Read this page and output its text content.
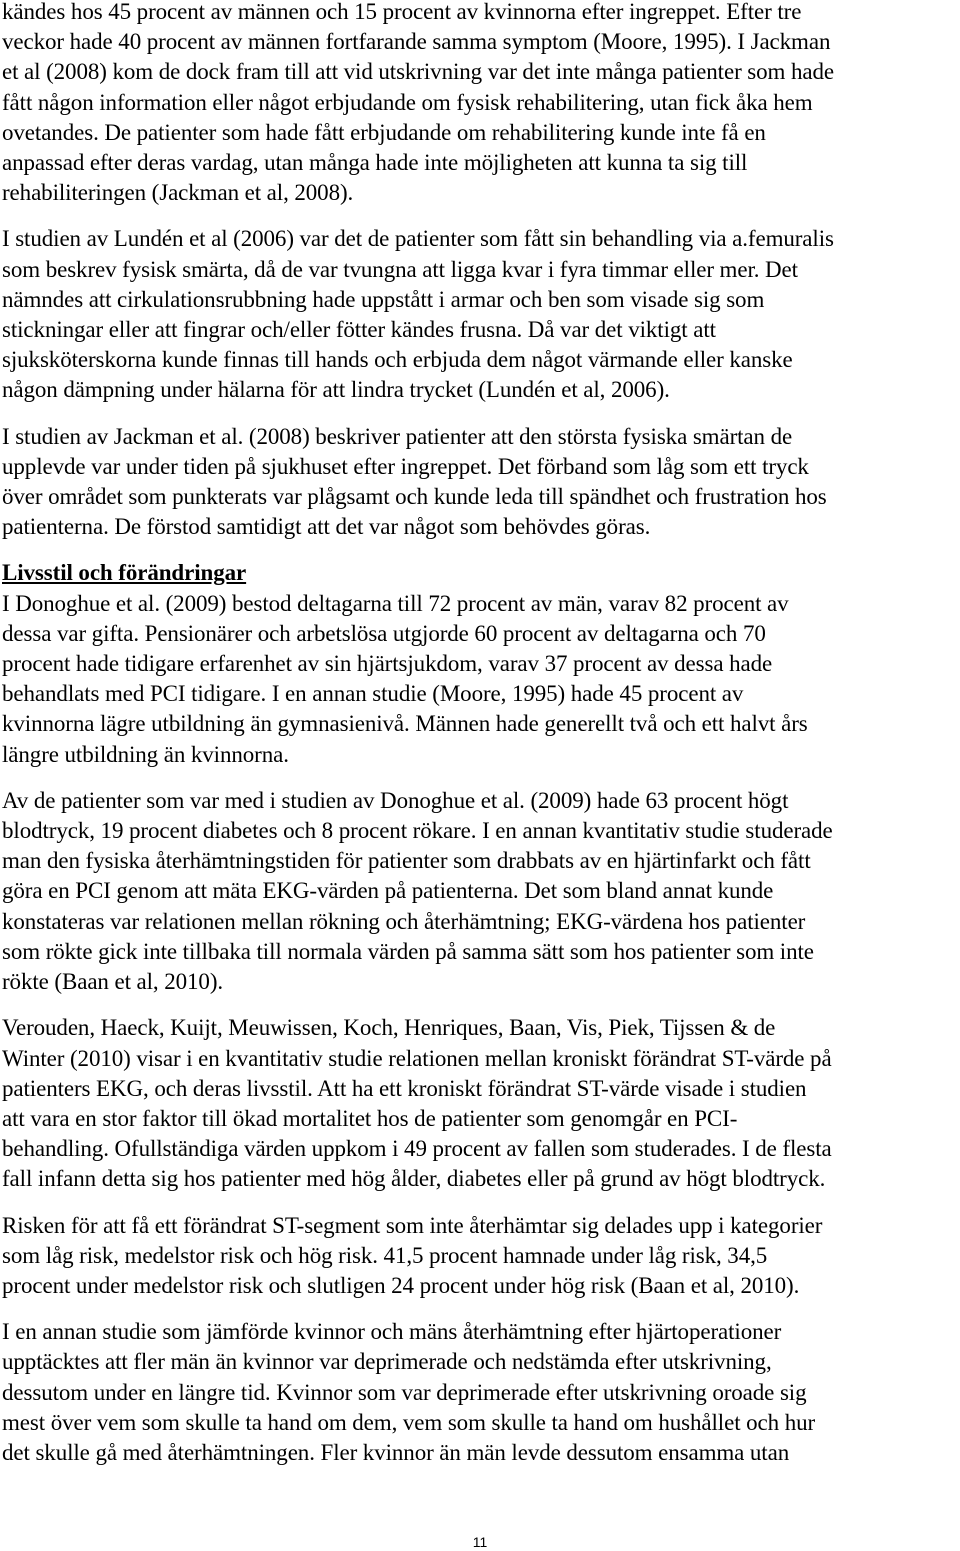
kändes hos 45 procent av männen och 15 procent av kvinnorna efter ingreppet. Efter tre
veckor hade 40 procent av männen fortfarande samma symptom (Moore, 1995). I Jackman
et al (2008) kom de dock fram till att vid utskrivning var det inte många patienter som hade
fått någon information eller något erbjudande om fysisk rehabilitering, utan fick åka hem
ovetandes. De patienter som hade fått erbjudande om rehabilitering kunde inte få en
anpassad efter deras vardag, utan många hade inte möjligheten att kunna ta sig till
rehabiliteringen (Jackman et al, 2008).

I studien av Lundén et al (2006) var det de patienter som fått sin behandling via a.femuralis
som beskrev fysisk smärta, då de var tvungna att ligga kvar i fyra timmar eller mer. Det
nämndes att cirkulationsrubbning hade uppstått i armar och ben som visade sig som
stickningar eller att fingrar och/eller fötter kändes frusna. Då var det viktigt att
sjuksköterskorna kunde finnas till hands och erbjuda dem något värmande eller kanske
någon dämpning under hälarna för att lindra trycket (Lundén et al, 2006).

I studien av Jackman et al. (2008) beskriver patienter att den största fysiska smärtan de
upplevde var under tiden på sjukhuset efter ingreppet. Det förband som låg som ett tryck
över området som punkterats var plågsamt och kunde leda till spändhet och frustration hos
patienterna. De förstod samtidigt att det var något som behövdes göras.

Livsstil och förändringar
I Donoghue et al. (2009) bestod deltagarna till 72 procent av män, varav 82 procent av
dessa var gifta. Pensionärer och arbetslösa utgjorde 60 procent av deltagarna och 70
procent hade tidigare erfarenhet av sin hjärtsjukdom, varav 37 procent av dessa hade
behandlats med PCI tidigare. I en annan studie (Moore, 1995) hade 45 procent av
kvinnorna lägre utbildning än gymnasienivå. Männen hade generellt två och ett halvt års
längre utbildning än kvinnorna.

Av de patienter som var med i studien av Donoghue et al. (2009) hade 63 procent högt
blodtryck, 19 procent diabetes och 8 procent rökare. I en annan kvantitativ studie studerade
man den fysiska återhämtningstiden för patienter som drabbats av en hjärtinfarkt och fått
göra en PCI genom att mäta EKG-värden på patienterna. Det som bland annat kunde
konstateras var relationen mellan rökning och återhämtning; EKG-värdena hos patienter
som rökte gick inte tillbaka till normala värden på samma sätt som hos patienter som inte
rökte (Baan et al, 2010).

Verouden, Haeck, Kuijt, Meuwissen, Koch, Henriques, Baan, Vis, Piek, Tijssen & de
Winter (2010) visar i en kvantitativ studie relationen mellan kroniskt förändrat ST-värde på
patienters EKG, och deras livsstil. Att ha ett kroniskt förändrat ST-värde visade i studien
att vara en stor faktor till ökad mortalitet hos de patienter som genomgår en PCI-
behandling. Ofullständiga värden uppkom i 49 procent av fallen som studerades. I de flesta
fall infann detta sig hos patienter med hög ålder, diabetes eller på grund av högt blodtryck.

Risken för att få ett förändrat ST-segment som inte återhämtar sig delades upp i kategorier
som låg risk, medelstor risk och hög risk. 41,5 procent hamnade under låg risk, 34,5
procent under medelstor risk och slutligen 24 procent under hög risk (Baan et al, 2010).

I en annan studie som jämförde kvinnor och mäns återhämtning efter hjärtoperationer
upptäcktes att fler män än kvinnor var deprimerade och nedstämda efter utskrivning,
dessutom under en längre tid. Kvinnor som var deprimerade efter utskrivning oroade sig
mest över vem som skulle ta hand om dem, vem som skulle ta hand om hushållet och hur
det skulle gå med återhämtningen. Fler kvinnor än män levde dessutom ensamma utan

11
